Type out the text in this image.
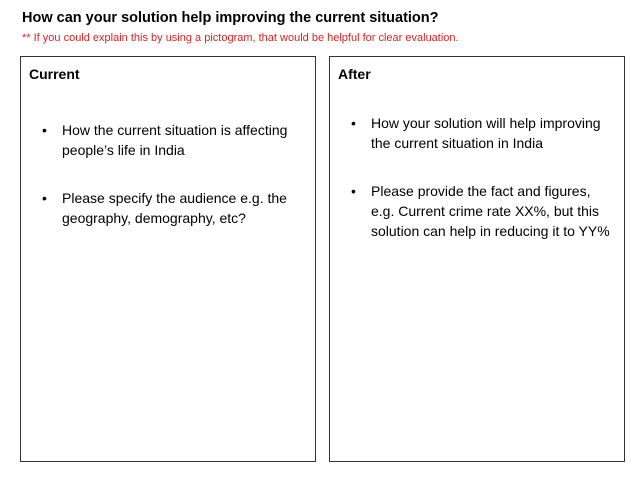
How can your solution help improving the current situation?
** If you could explain this by using a pictogram, that would be helpful for clear evaluation.
Current
• How the current situation is affecting people’s life in India
• Please specify the audience e.g. the geography, demography, etc?
After
• How your solution will help improving the current situation in India
• Please provide the fact and figures, e.g. Current crime rate XX%, but this solution can help in reducing it to YY%
